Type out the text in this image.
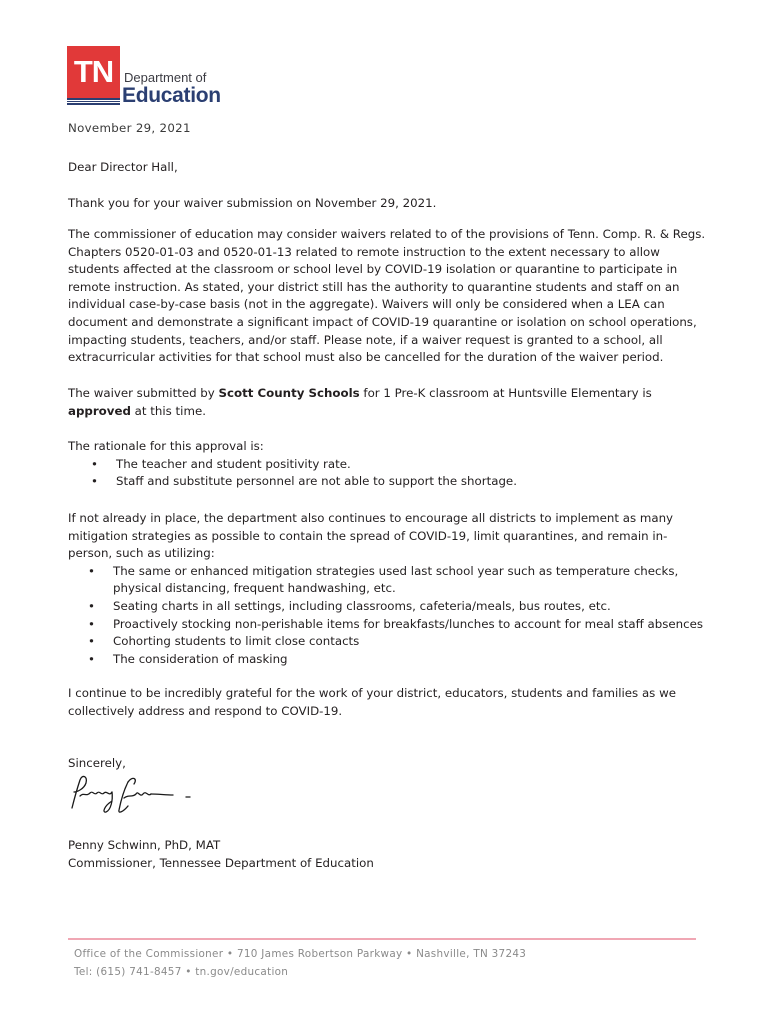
TN Department of
Education
November 29, 2021
Dear Director Hall,
Thank you for your waiver submission on November 29, 2021.

The commissioner of education may consider waivers related to of the provisions of Tenn. Comp. R. & Regs. Chapters 0520-01-03 and 0520-01-13 related to remote instruction to the extent necessary to allow students affected at the classroom or school level by COVID-19 isolation or quarantine to participate in remote instruction. As stated, your district still has the authority to quarantine students and staff on an individual case-by-case basis (not in the aggregate). Waivers will only be considered when a LEA can document and demonstrate a significant impact of COVID-19 quarantine or isolation on school operations, impacting students, teachers, and/or staff. Please note, if a waiver request is granted to a school, all extracurricular activities for that school must also be cancelled for the duration of the waiver period.

The waiver submitted by Scott County Schools for 1 Pre-K classroom at Huntsville Elementary is approved at this time.

The rationale for this approval is:
• The teacher and student positivity rate.
• Staff and substitute personnel are not able to support the shortage.
If not already in place, the department also continues to encourage all districts to implement as many mitigation strategies as possible to contain the spread of COVID-19, limit quarantines, and remain in-person, such as utilizing:
• The same or enhanced mitigation strategies used last school year such as temperature checks, physical distancing, frequent handwashing, etc.
• Seating charts in all settings, including classrooms, cafeteria/meals, bus routes, etc.
• Proactively stocking non-perishable items for breakfasts/lunches to account for meal staff absences
• Cohorting students to limit close contacts
• The consideration of masking

I continue to be incredibly grateful for the work of your district, educators, students and families as we collectively address and respond to COVID-19.

Sincerely,
Penny Schwinn, PhD, MAT
Commissioner, Tennessee Department of Education
Office of the Commissioner • 710 James Robertson Parkway • Nashville, TN 37243
Tel: (615) 741-8457 • tn.gov/education
